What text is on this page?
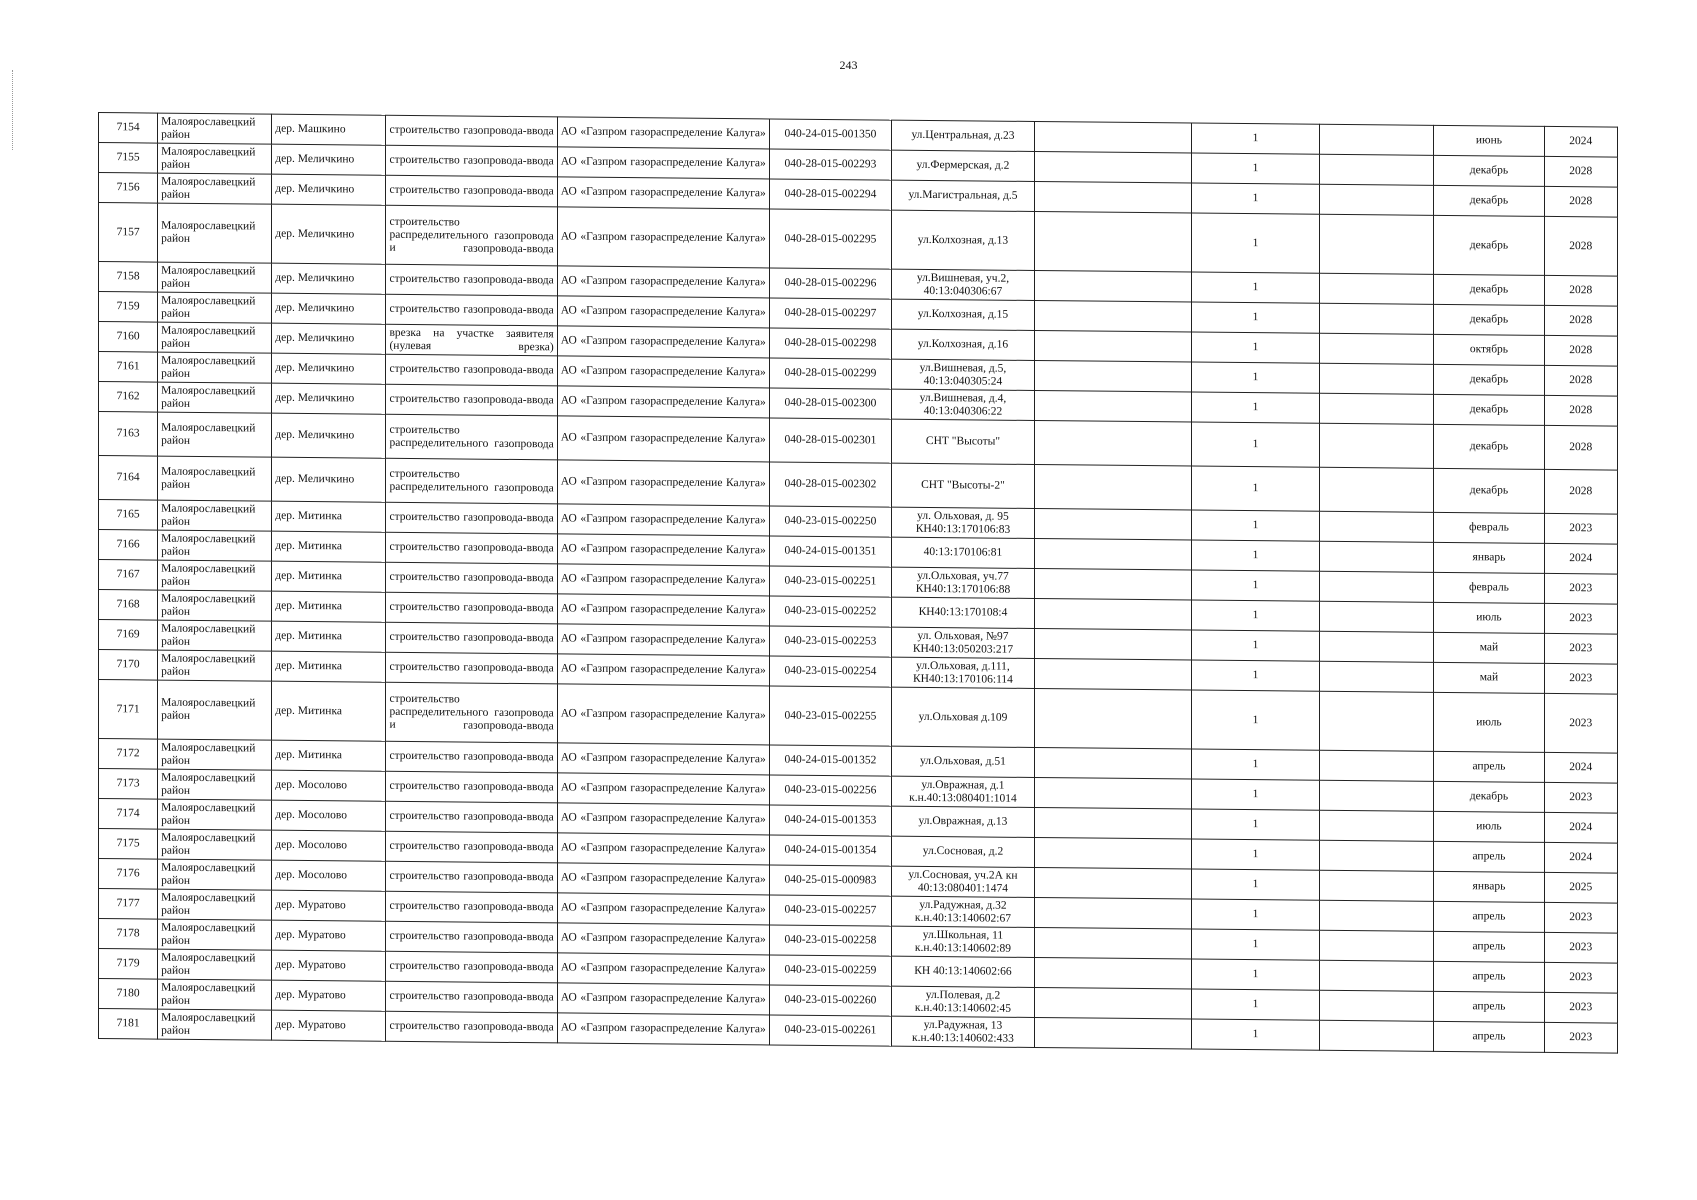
243
7154	Малоярославецкий район	дер. Машкино	строительство газопровода-ввода	АО «Газпром газораспределение Калуга»	040-24-015-001350	ул.Центральная, д.23		1		июнь	2024
7155	Малоярославецкий район	дер. Меличкино	строительство газопровода-ввода	АО «Газпром газораспределение Калуга»	040-28-015-002293	ул.Фермерская, д.2		1		декабрь	2028
7156	Малоярославецкий район	дер. Меличкино	строительство газопровода-ввода	АО «Газпром газораспределение Калуга»	040-28-015-002294	ул.Магистральная, д.5		1		декабрь	2028
7157	Малоярославецкий район	дер. Меличкино	строительство распределительного газопровода и газопровода-ввода	АО «Газпром газораспределение Калуга»	040-28-015-002295	ул.Колхозная, д.13		1		декабрь	2028
7158	Малоярославецкий район	дер. Меличкино	строительство газопровода-ввода	АО «Газпром газораспределение Калуга»	040-28-015-002296	ул.Вишневая, уч.2, 40:13:040306:67		1		декабрь	2028
7159	Малоярославецкий район	дер. Меличкино	строительство газопровода-ввода	АО «Газпром газораспределение Калуга»	040-28-015-002297	ул.Колхозная, д.15		1		декабрь	2028
7160	Малоярославецкий район	дер. Меличкино	врезка на участке заявителя (нулевая врезка)	АО «Газпром газораспределение Калуга»	040-28-015-002298	ул.Колхозная, д.16		1		октябрь	2028
7161	Малоярославецкий район	дер. Меличкино	строительство газопровода-ввода	АО «Газпром газораспределение Калуга»	040-28-015-002299	ул.Вишневая, д.5, 40:13:040305:24		1		декабрь	2028
7162	Малоярославецкий район	дер. Меличкино	строительство газопровода-ввода	АО «Газпром газораспределение Калуга»	040-28-015-002300	ул.Вишневая, д.4, 40:13:040306:22		1		декабрь	2028
7163	Малоярославецкий район	дер. Меличкино	строительство распределительного газопровода	АО «Газпром газораспределение Калуга»	040-28-015-002301	СНТ "Высоты"		1		декабрь	2028
7164	Малоярославецкий район	дер. Меличкино	строительство распределительного газопровода	АО «Газпром газораспределение Калуга»	040-28-015-002302	СНТ "Высоты-2"		1		декабрь	2028
7165	Малоярославецкий район	дер. Митинка	строительство газопровода-ввода	АО «Газпром газораспределение Калуга»	040-23-015-002250	ул. Ольховая, д. 95 КН40:13:170106:83		1		февраль	2023
7166	Малоярославецкий район	дер. Митинка	строительство газопровода-ввода	АО «Газпром газораспределение Калуга»	040-24-015-001351	40:13:170106:81		1		январь	2024
7167	Малоярославецкий район	дер. Митинка	строительство газопровода-ввода	АО «Газпром газораспределение Калуга»	040-23-015-002251	ул.Ольховая, уч.77 КН40:13:170106:88		1		февраль	2023
7168	Малоярославецкий район	дер. Митинка	строительство газопровода-ввода	АО «Газпром газораспределение Калуга»	040-23-015-002252	КН40:13:170108:4		1		июль	2023
7169	Малоярославецкий район	дер. Митинка	строительство газопровода-ввода	АО «Газпром газораспределение Калуга»	040-23-015-002253	ул. Ольховая, №97 КН40:13:050203:217		1		май	2023
7170	Малоярославецкий район	дер. Митинка	строительство газопровода-ввода	АО «Газпром газораспределение Калуга»	040-23-015-002254	ул.Ольховая, д.111, КН40:13:170106:114		1		май	2023
7171	Малоярославецкий район	дер. Митинка	строительство распределительного газопровода и газопровода-ввода	АО «Газпром газораспределение Калуга»	040-23-015-002255	ул.Ольховая д.109		1		июль	2023
7172	Малоярославецкий район	дер. Митинка	строительство газопровода-ввода	АО «Газпром газораспределение Калуга»	040-24-015-001352	ул.Ольховая, д.51		1		апрель	2024
7173	Малоярославецкий район	дер. Мосолово	строительство газопровода-ввода	АО «Газпром газораспределение Калуга»	040-23-015-002256	ул.Овражная, д.1 к.н.40:13:080401:1014		1		декабрь	2023
7174	Малоярославецкий район	дер. Мосолово	строительство газопровода-ввода	АО «Газпром газораспределение Калуга»	040-24-015-001353	ул.Овражная, д.13		1		июль	2024
7175	Малоярославецкий район	дер. Мосолово	строительство газопровода-ввода	АО «Газпром газораспределение Калуга»	040-24-015-001354	ул.Сосновая, д.2		1		апрель	2024
7176	Малоярославецкий район	дер. Мосолово	строительство газопровода-ввода	АО «Газпром газораспределение Калуга»	040-25-015-000983	ул.Сосновая, уч.2А кн 40:13:080401:1474		1		январь	2025
7177	Малоярославецкий район	дер. Муратово	строительство газопровода-ввода	АО «Газпром газораспределение Калуга»	040-23-015-002257	ул.Радужная, д.32 к.н.40:13:140602:67		1		апрель	2023
7178	Малоярославецкий район	дер. Муратово	строительство газопровода-ввода	АО «Газпром газораспределение Калуга»	040-23-015-002258	ул.Школьная, 11 к.н.40:13:140602:89		1		апрель	2023
7179	Малоярославецкий район	дер. Муратово	строительство газопровода-ввода	АО «Газпром газораспределение Калуга»	040-23-015-002259	КН 40:13:140602:66		1		апрель	2023
7180	Малоярославецкий район	дер. Муратово	строительство газопровода-ввода	АО «Газпром газораспределение Калуга»	040-23-015-002260	ул.Полевая, д.2 к.н.40:13:140602:45		1		апрель	2023
7181	Малоярославецкий район	дер. Муратово	строительство газопровода-ввода	АО «Газпром газораспределение Калуга»	040-23-015-002261	ул.Радужная, 13 к.н.40:13:140602:433		1		апрель	2023
